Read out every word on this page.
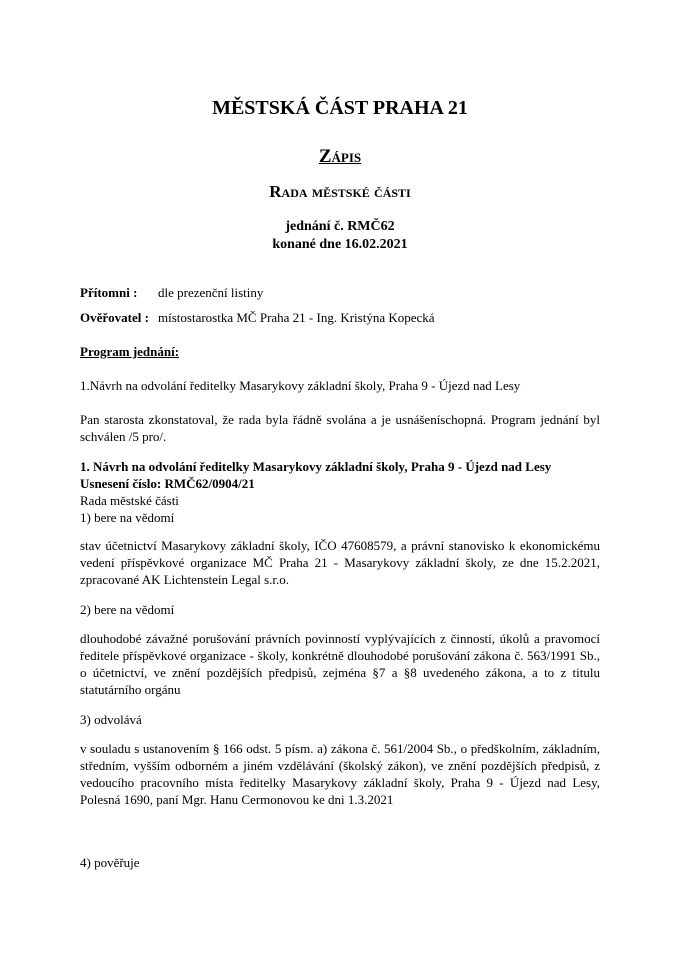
MĚSTSKÁ ČÁST PRAHA 21
Zápis
Rada městské části
jednání č. RMČ62
konané dne 16.02.2021
Přítomni : dle prezenční listiny
Ověřovatel : místostarostka MČ Praha 21 - Ing. Kristýna Kopecká
Program jednání:
1.Návrh na odvolání ředitelky Masarykovy základní školy, Praha 9 - Újezd nad Lesy
Pan starosta zkonstatoval, že rada byla řádně svolána a je usnášeníschopná. Program jednání byl schválen /5 pro/.
1. Návrh na odvolání ředitelky Masarykovy základní školy, Praha 9 - Újezd nad Lesy
Usnesení číslo: RMČ62/0904/21
Rada městské části
1) bere na vědomí
stav účetnictví Masarykovy základní školy, IČO 47608579, a právní stanovisko k ekonomickému vedení příspěvkové organizace MČ Praha 21 - Masarykovy základní školy, ze dne 15.2.2021, zpracované AK Lichtenstein Legal s.r.o.
2) bere na vědomí
dlouhodobé závažné porušování právních povinností vyplývajících z činností, úkolů a pravomocí ředitele příspěvkové organizace - školy, konkrétně dlouhodobé porušování zákona č. 563/1991 Sb., o účetnictví, ve znění pozdějších předpisů, zejména §7 a §8 uvedeného zákona, a to z titulu statutárního orgánu
3) odvolává
v souladu s ustanovením § 166 odst. 5 písm. a) zákona č. 561/2004 Sb., o předškolním, základním, středním, vyšším odborném a jiném vzdělávání (školský zákon), ve znění pozdějších předpisů, z vedoucího pracovního místa ředitelky Masarykovy základní školy, Praha 9 - Újezd nad Lesy, Polesná 1690, paní Mgr. Hanu Cermonovou ke dni 1.3.2021
4) pověřuje
